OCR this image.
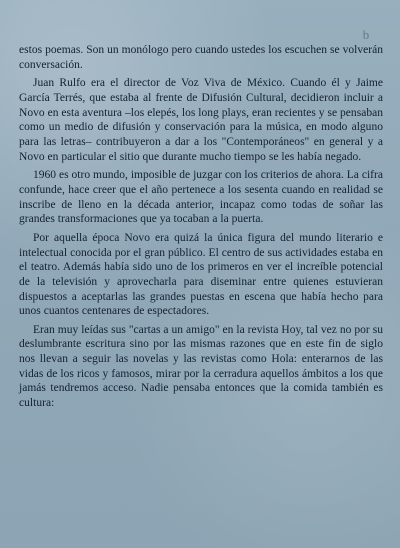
b

estos poemas. Son un monólogo pero cuando ustedes los escuchen se volverán conversación.

Juan Rulfo era el director de Voz Viva de México. Cuando él y Jaime García Terrés, que estaba al frente de Difusión Cultural, decidieron incluir a Novo en esta aventura –los elepés, los long plays, eran recientes y se pensaban como un medio de difusión y conservación para la música, en modo alguno para las letras– contribuyeron a dar a los "Contemporáneos" en general y a Novo en particular el sitio que durante mucho tiempo se les había negado.

1960 es otro mundo, imposible de juzgar con los criterios de ahora. La cifra confunde, hace creer que el año pertenece a los sesenta cuando en realidad se inscribe de lleno en la década anterior, incapaz como todas de soñar las grandes transformaciones que ya tocaban a la puerta.

Por aquella época Novo era quizá la única figura del mundo literario e intelectual conocida por el gran público. El centro de sus actividades estaba en el teatro. Además había sido uno de los primeros en ver el increíble potencial de la televisión y aprovecharla para diseminar entre quienes estuvieran dispuestos a aceptarlas las grandes puestas en escena que había hecho para unos cuantos centenares de espectadores.

Eran muy leídas sus "cartas a un amigo" en la revista Hoy, tal vez no por su deslumbrante escritura sino por las mismas razones que en este fin de siglo nos llevan a seguir las novelas y las revistas como Hola: enterarnos de las vidas de los ricos y famosos, mirar por la cerradura aquellos ámbitos a los que jamás tendremos acceso. Nadie pensaba entonces que la comida también es cultura:
